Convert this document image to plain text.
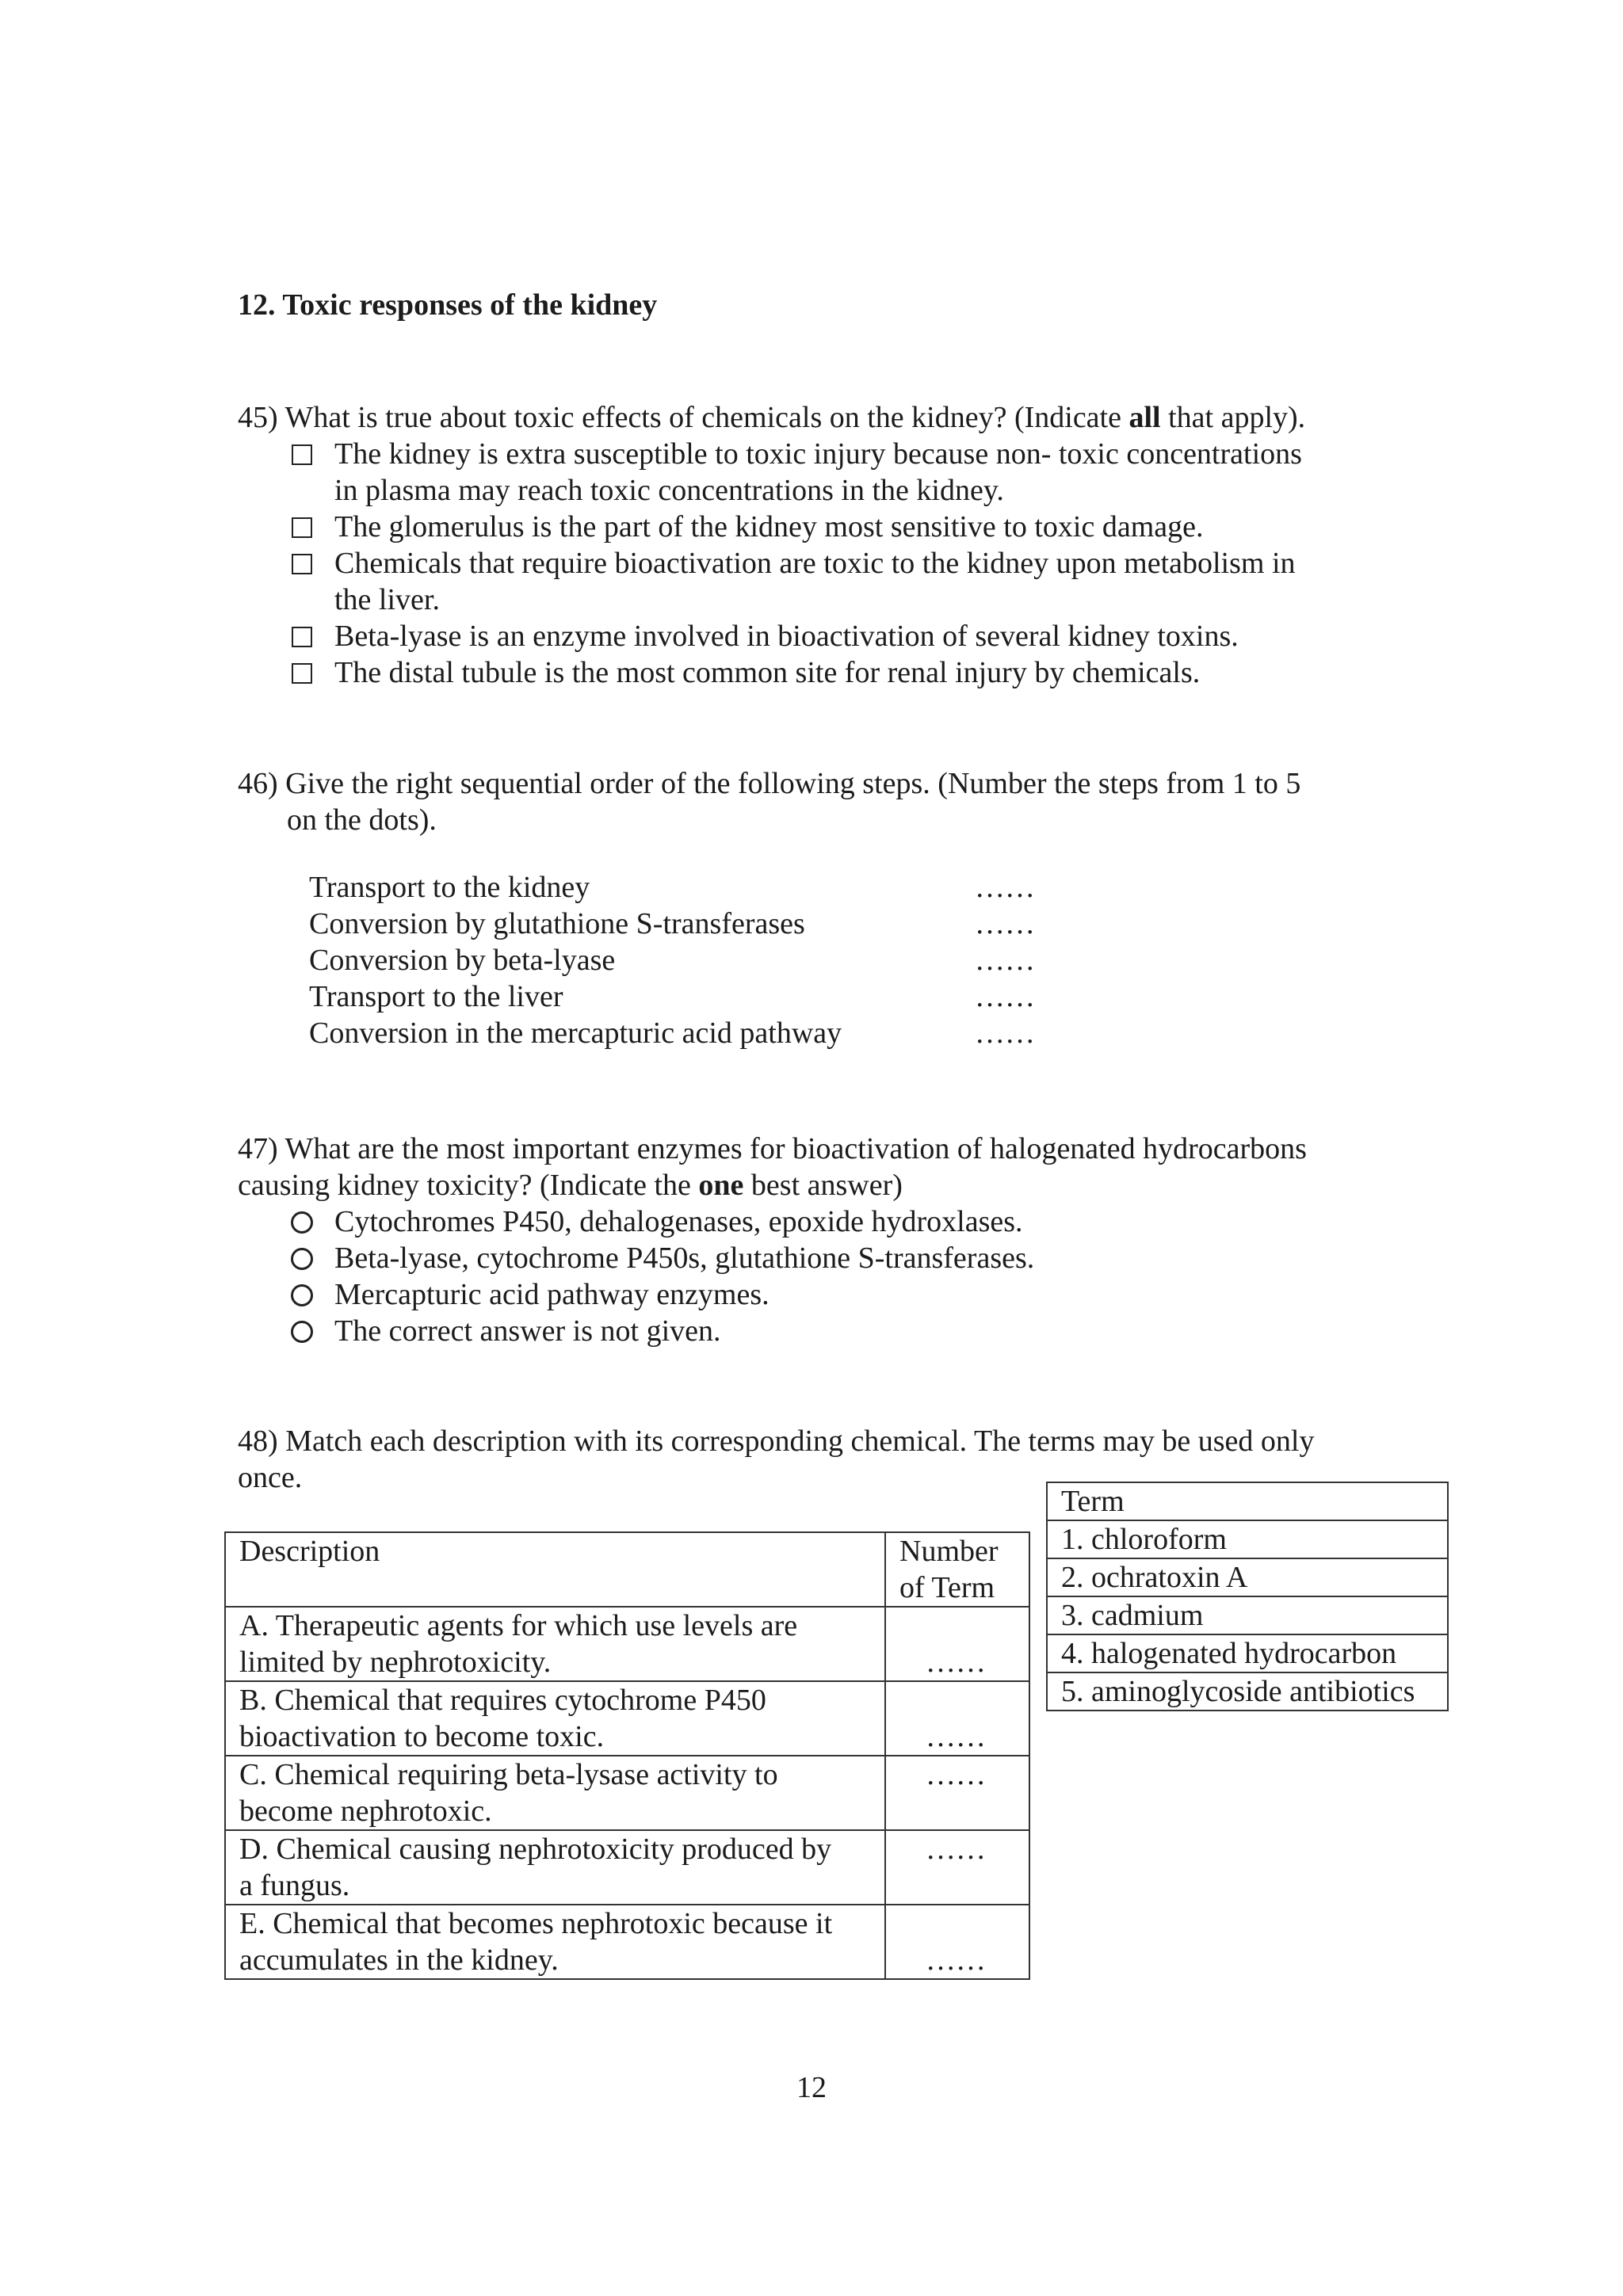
12. Toxic responses of the kidney
45) What is true about toxic effects of chemicals on the kidney? (Indicate all that apply).
The kidney is extra susceptible to toxic injury because non- toxic concentrations
in plasma may reach toxic concentrations in the kidney.
The glomerulus is the part of the kidney most sensitive to toxic damage.
Chemicals that require bioactivation are toxic to the kidney upon metabolism in
the liver.
Beta-lyase is an enzyme involved in bioactivation of several kidney toxins.
The distal tubule is the most common site for renal injury by chemicals.
46) Give the right sequential order of the following steps. (Number the steps from 1 to 5
on the dots).
Transport to the kidney	……
Conversion by glutathione S-transferases	……
Conversion by beta-lyase	……
Transport to the liver	……
Conversion in the mercapturic acid pathway	……
47) What are the most important enzymes for bioactivation of halogenated hydrocarbons
causing kidney toxicity? (Indicate the one best answer)
Cytochromes P450, dehalogenases, epoxide hydroxlases.
Beta-lyase, cytochrome P450s, glutathione S-transferases.
Mercapturic acid pathway enzymes.
The correct answer is not given.
48) Match each description with its corresponding chemical. The terms may be used only
once.
Description	Number
of Term

A. Therapeutic agents for which use levels are
limited by nephrotoxicity.	……

B. Chemical that requires cytochrome P450
bioactivation to become toxic.	……

C. Chemical requiring beta-lysase activity to
become nephrotoxic.	……

D. Chemical causing nephrotoxicity produced by
a fungus.	……

E. Chemical that becomes nephrotoxic because it
accumulates in the kidney.	……
Term
1. chloroform
2. ochratoxin A
3. cadmium
4. halogenated hydrocarbon
5. aminoglycoside antibiotics
12
